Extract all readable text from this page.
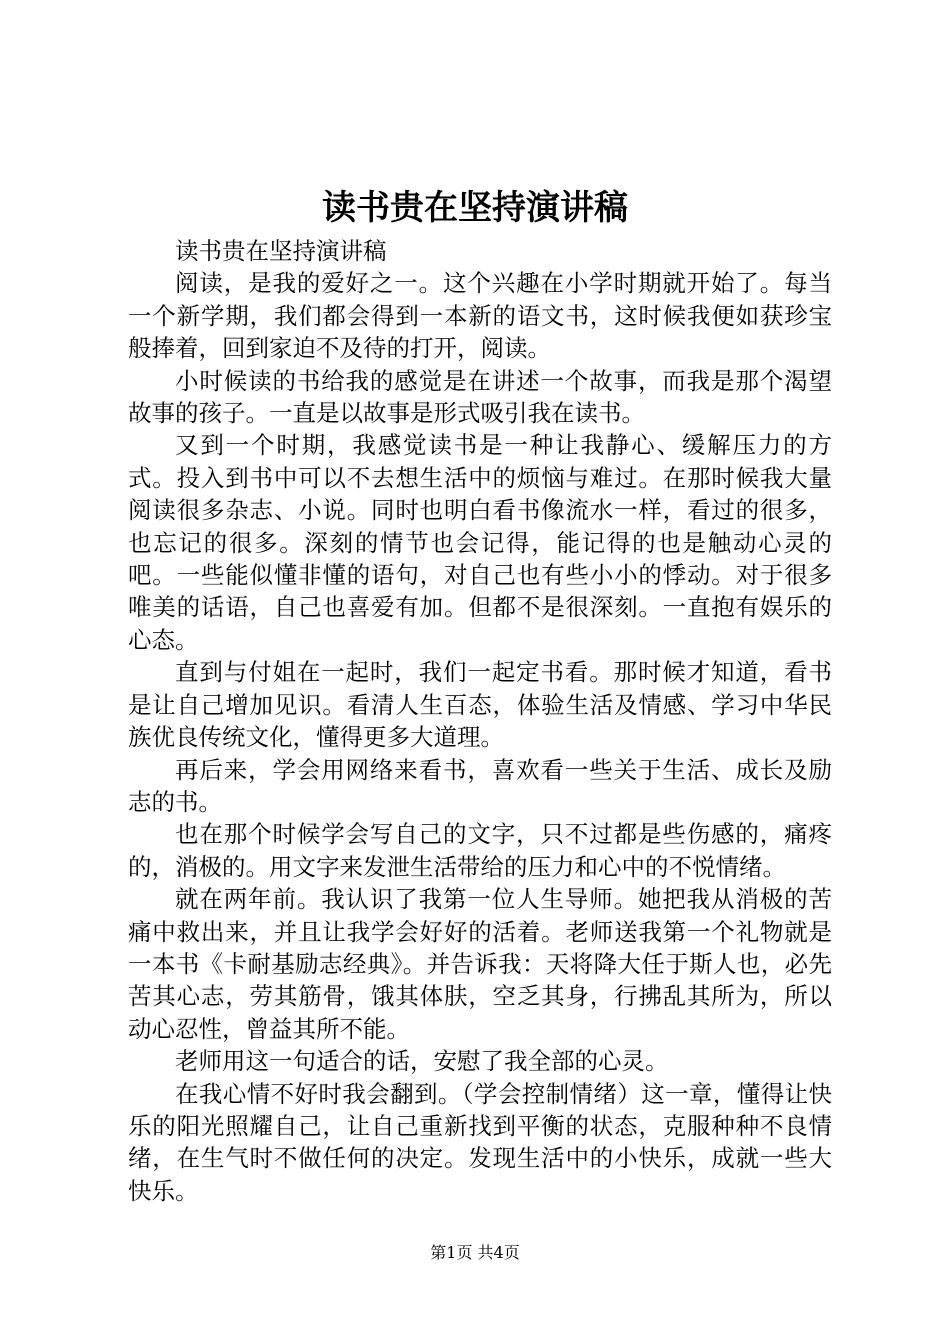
读书贵在坚持演讲稿

读书贵在坚持演讲稿

阅读，是我的爱好之一。这个兴趣在小学时期就开始了。每当一个新学期，我们都会得到一本新的语文书，这时候我便如获珍宝般捧着，回到家迫不及待的打开，阅读。

小时候读的书给我的感觉是在讲述一个故事，而我是那个渴望故事的孩子。一直是以故事是形式吸引我在读书。

又到一个时期，我感觉读书是一种让我静心、缓解压力的方式。投入到书中可以不去想生活中的烦恼与难过。在那时候我大量阅读很多杂志、小说。同时也明白看书像流水一样，看过的很多，也忘记的很多。深刻的情节也会记得，能记得的也是触动心灵的吧。一些能似懂非懂的语句，对自己也有些小小的悸动。对于很多唯美的话语，自己也喜爱有加。但都不是很深刻。一直抱有娱乐的心态。

直到与付姐在一起时，我们一起定书看。那时候才知道，看书是让自己增加见识。看清人生百态，体验生活及情感、学习中华民族优良传统文化，懂得更多大道理。

再后来，学会用网络来看书，喜欢看一些关于生活、成长及励志的书。

也在那个时候学会写自己的文字，只不过都是些伤感的，痛疼的，消极的。用文字来发泄生活带给的压力和心中的不悦情绪。

就在两年前。我认识了我第一位人生导师。她把我从消极的苦痛中救出来，并且让我学会好好的活着。老师送我第一个礼物就是一本书《卡耐基励志经典》。并告诉我：天将降大任于斯人也，必先苦其心志，劳其筋骨，饿其体肤，空乏其身，行拂乱其所为，所以动心忍性，曾益其所不能。

老师用这一句适合的话，安慰了我全部的心灵。

在我心情不好时我会翻到。（学会控制情绪）这一章，懂得让快乐的阳光照耀自己，让自己重新找到平衡的状态，克服种种不良情绪，在生气时不做任何的决定。发现生活中的小快乐，成就一些大快乐。

第1页 共4页
